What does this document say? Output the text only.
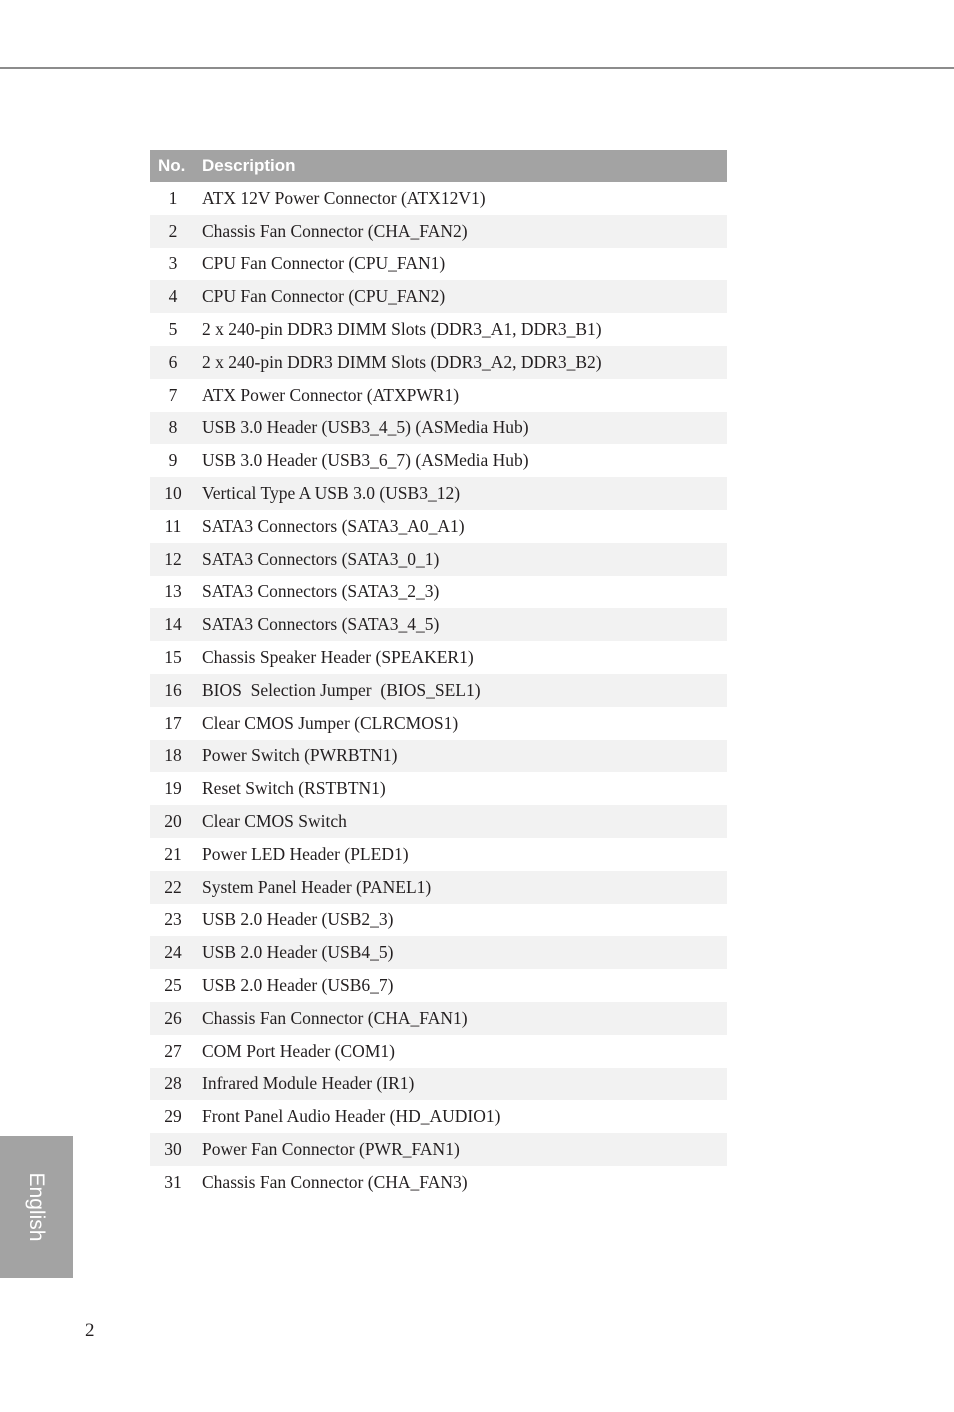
No. Description
1	ATX 12V Power Connector (ATX12V1)
2	Chassis Fan Connector (CHA_FAN2)
3	CPU Fan Connector (CPU_FAN1)
4	CPU Fan Connector (CPU_FAN2)
5	2 x 240-pin DDR3 DIMM Slots (DDR3_A1, DDR3_B1)
6	2 x 240-pin DDR3 DIMM Slots (DDR3_A2, DDR3_B2)
7	ATX Power Connector (ATXPWR1)
8	USB 3.0 Header (USB3_4_5) (ASMedia Hub)
9	USB 3.0 Header (USB3_6_7) (ASMedia Hub)
10	Vertical Type A USB 3.0 (USB3_12)
11	SATA3 Connectors (SATA3_A0_A1)
12	SATA3 Connectors (SATA3_0_1)
13	SATA3 Connectors (SATA3_2_3)
14	SATA3 Connectors (SATA3_4_5)
15	Chassis Speaker Header (SPEAKER1)
16	BIOS  Selection Jumper  (BIOS_SEL1)
17	Clear CMOS Jumper (CLRCMOS1)
18	Power Switch (PWRBTN1)
19	Reset Switch (RSTBTN1)
20	Clear CMOS Switch
21	Power LED Header (PLED1)
22	System Panel Header (PANEL1)
23	USB 2.0 Header (USB2_3)
24	USB 2.0 Header (USB4_5)
25	USB 2.0 Header (USB6_7)
26	Chassis Fan Connector (CHA_FAN1)
27	COM Port Header (COM1)
28	Infrared Module Header (IR1)
29	Front Panel Audio Header (HD_AUDIO1)
30	Power Fan Connector (PWR_FAN1)
31	Chassis Fan Connector (CHA_FAN3)
English
2
